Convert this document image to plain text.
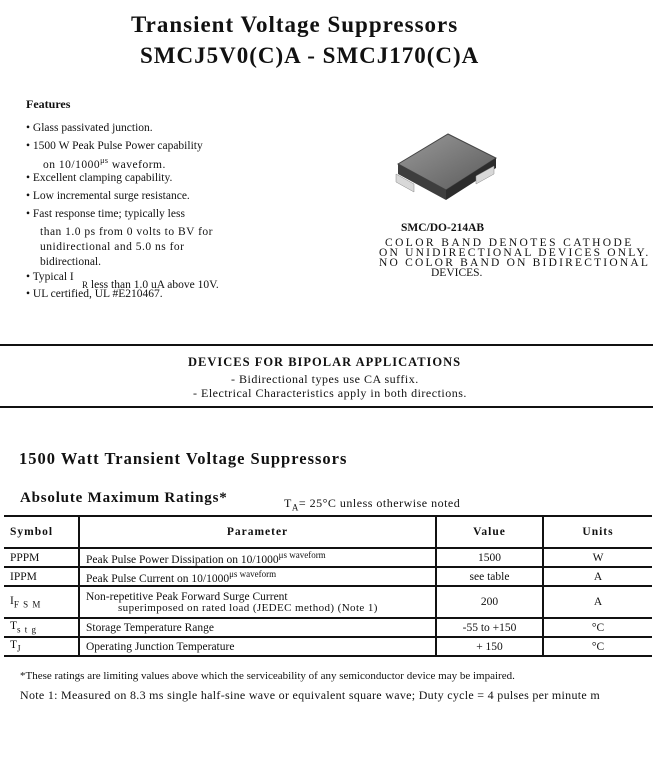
Transient Voltage Suppressors
SMCJ5V0(C)A - SMCJ170(C)A
Features
• Glass passivated junction.
• 1500 W Peak Pulse Power capability
on $10/1000^{\mu s}$ waveform.
• Excellent clamping capability.
• Low incremental surge resistance.
• Fast response time; typically less
than 1.0 ps from 0 volts to BV for
unidirectional and 5.0 ns for
bidirectional.
• Typical I
R less than 1.0 uA above 10V.
• UL certified, UL #E210467.
SMC/DO-214AB
COLOR BAND DENOTES CATHODE
ON UNIDIRECTIONAL DEVICES ONLY.
NO COLOR BAND ON BIDIRECTIONAL
DEVICES.
DEVICES FOR BIPOLAR APPLICATIONS
- Bidirectional types use CA suffix.
- Electrical Characteristics apply in both directions.
1500 Watt Transient Voltage Suppressors
Absolute Maximum Ratings*	$T_A= 25^\circ C$ unless otherwise noted
Symbol	Parameter	Value	Units
PPPM	Peak Pulse Power Dissipation on $10/1000^{\mu s waveform}$	1500	W
IPPM	Peak Pulse Current on $10/1000^{\mu s waveform}$	see table	A
$I_{F S M}$	Non-repetitive Peak Forward Surge Current
superimposed on rated load (JEDEC method) (Note 1)	200	A
$T_{s t g}$	Storage Temperature Range	-55 to +150	°C
$T_J$	Operating Junction Temperature	+ 150	°C
*These ratings are limiting values above which the serviceability of any semiconductor device may be impaired.
Note 1: Measured on 8.3 ms single half-sine wave or equivalent square wave; Duty cycle = 4 pulses per minute m
